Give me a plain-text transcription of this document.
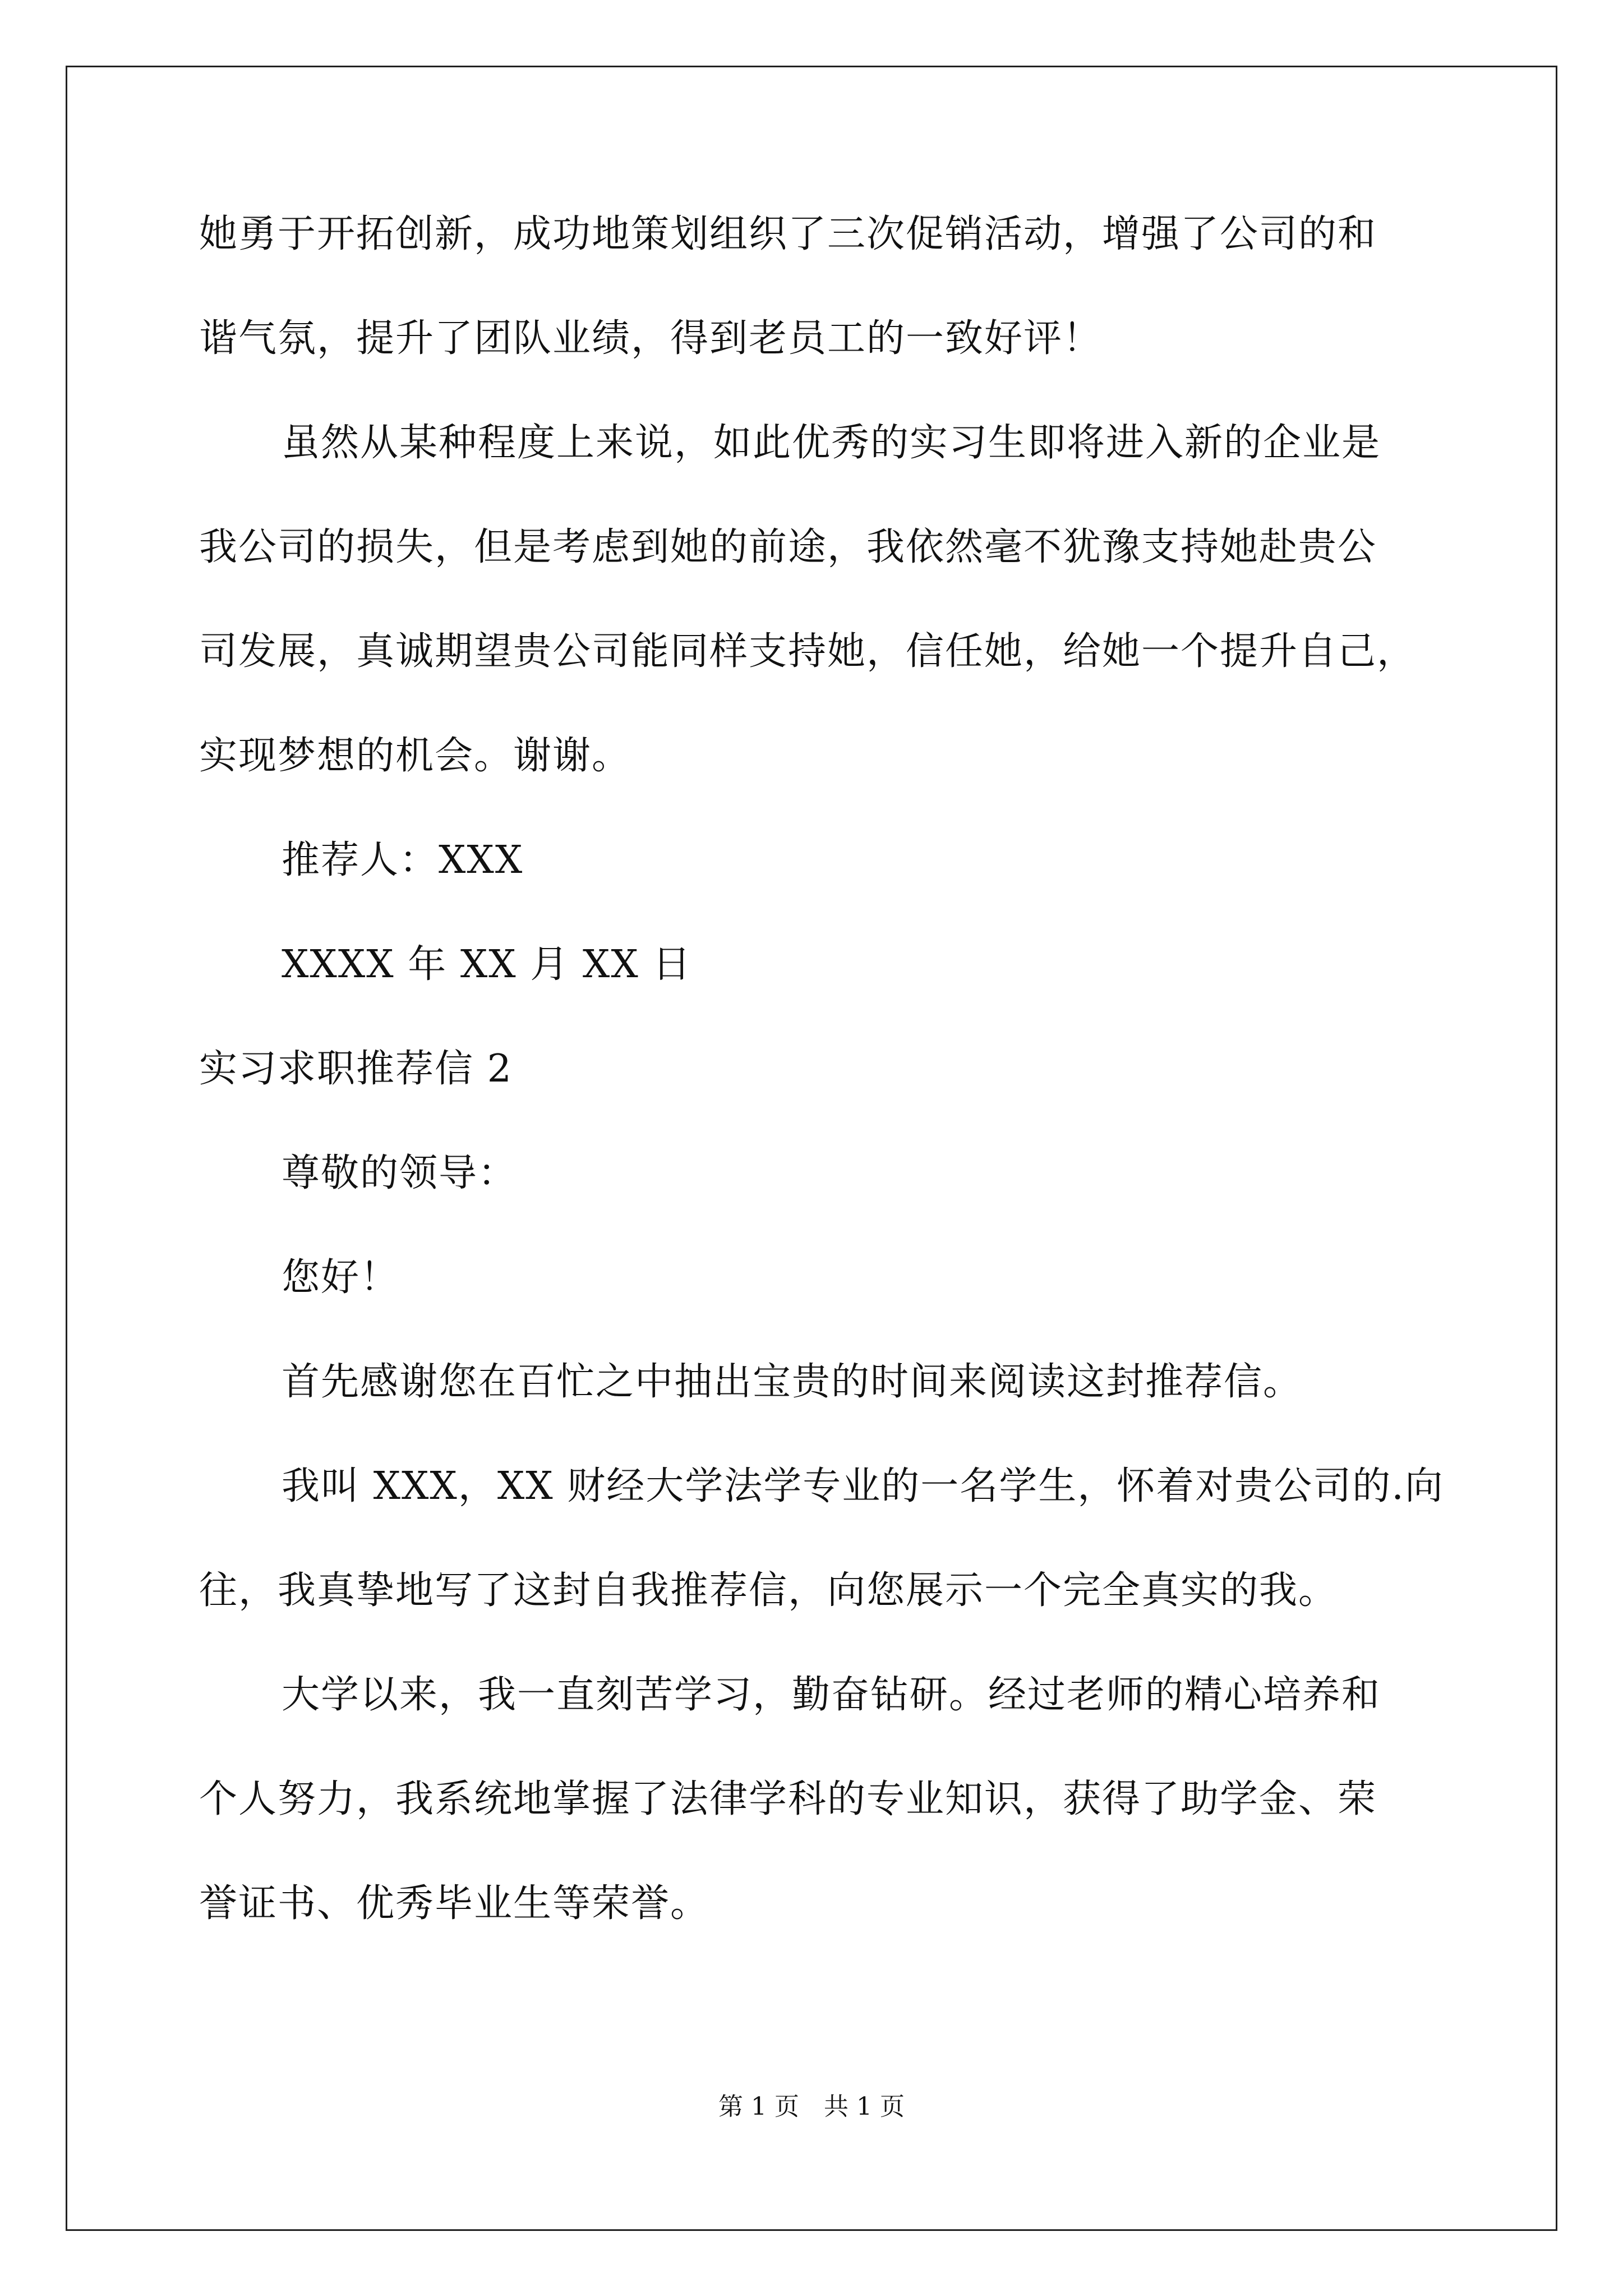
她勇于开拓创新，成功地策划组织了三次促销活动，增强了公司的和
谐气氛，提升了团队业绩，得到老员工的一致好评！
虽然从某种程度上来说，如此优秀的实习生即将进入新的企业是
我公司的损失，但是考虑到她的前途，我依然毫不犹豫支持她赴贵公
司发展，真诚期望贵公司能同样支持她，信任她，给她一个提升自己，
实现梦想的机会。谢谢。
推荐人：XXX
XXXX 年 XX 月 XX 日
实习求职推荐信 2
尊敬的领导：
您好！
首先感谢您在百忙之中抽出宝贵的时间来阅读这封推荐信。
我叫 XXX，XX 财经大学法学专业的一名学生，怀着对贵公司的.向
往，我真挚地写了这封自我推荐信，向您展示一个完全真实的我。
大学以来，我一直刻苦学习，勤奋钻研。经过老师的精心培养和
个人努力，我系统地掌握了法律学科的专业知识，获得了助学金、荣
誉证书、优秀毕业生等荣誉。
第 1 页　共 1 页
